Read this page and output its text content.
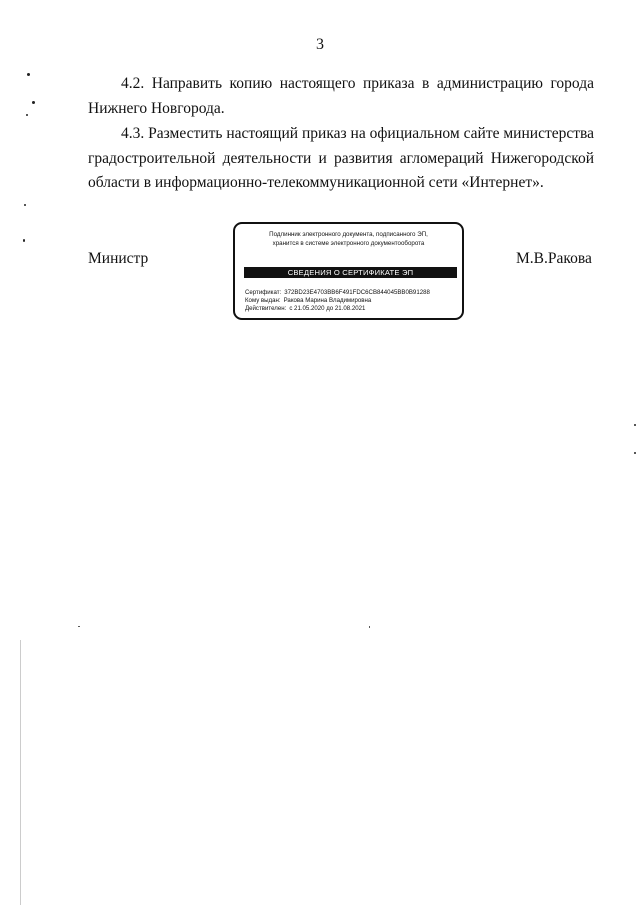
3
4.2. Направить копию настоящего приказа в администрацию города
Нижнего Новгорода.
4.3. Разместить настоящий приказ на официальном сайте министерства
градостроительной деятельности и развития агломераций Нижегородской
области в информационно-телекоммуникационной сети «Интернет».
Министр	М.В.Ракова
Подлинник электронного документа, подписанного ЭП,
хранится в системе электронного документооборота
СВЕДЕНИЯ О СЕРТИФИКАТЕ ЭП
Сертификат: 372BD23E4703BB6F491FDC6CB844045BB0B91288
Кому выдан: Ракова Марина Владимировна
Действителен: с 21.05.2020 до 21.08.2021
